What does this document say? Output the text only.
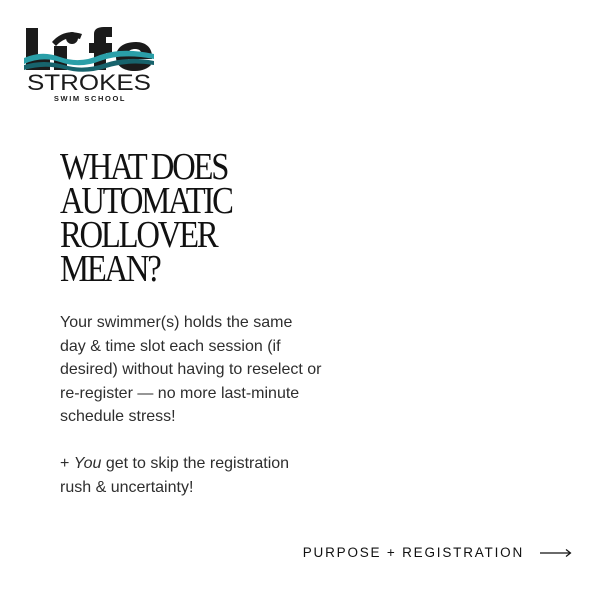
STROKES
SWIM SCHOOL
WHAT DOES
AUTOMATIC
ROLLOVER
MEAN?

Your swimmer(s) holds the same day & time slot each session (if desired) without having to reselect or re-register — no more last-minute schedule stress!

+ You get to skip the registration rush & uncertainty!

PURPOSE + REGISTRATION
